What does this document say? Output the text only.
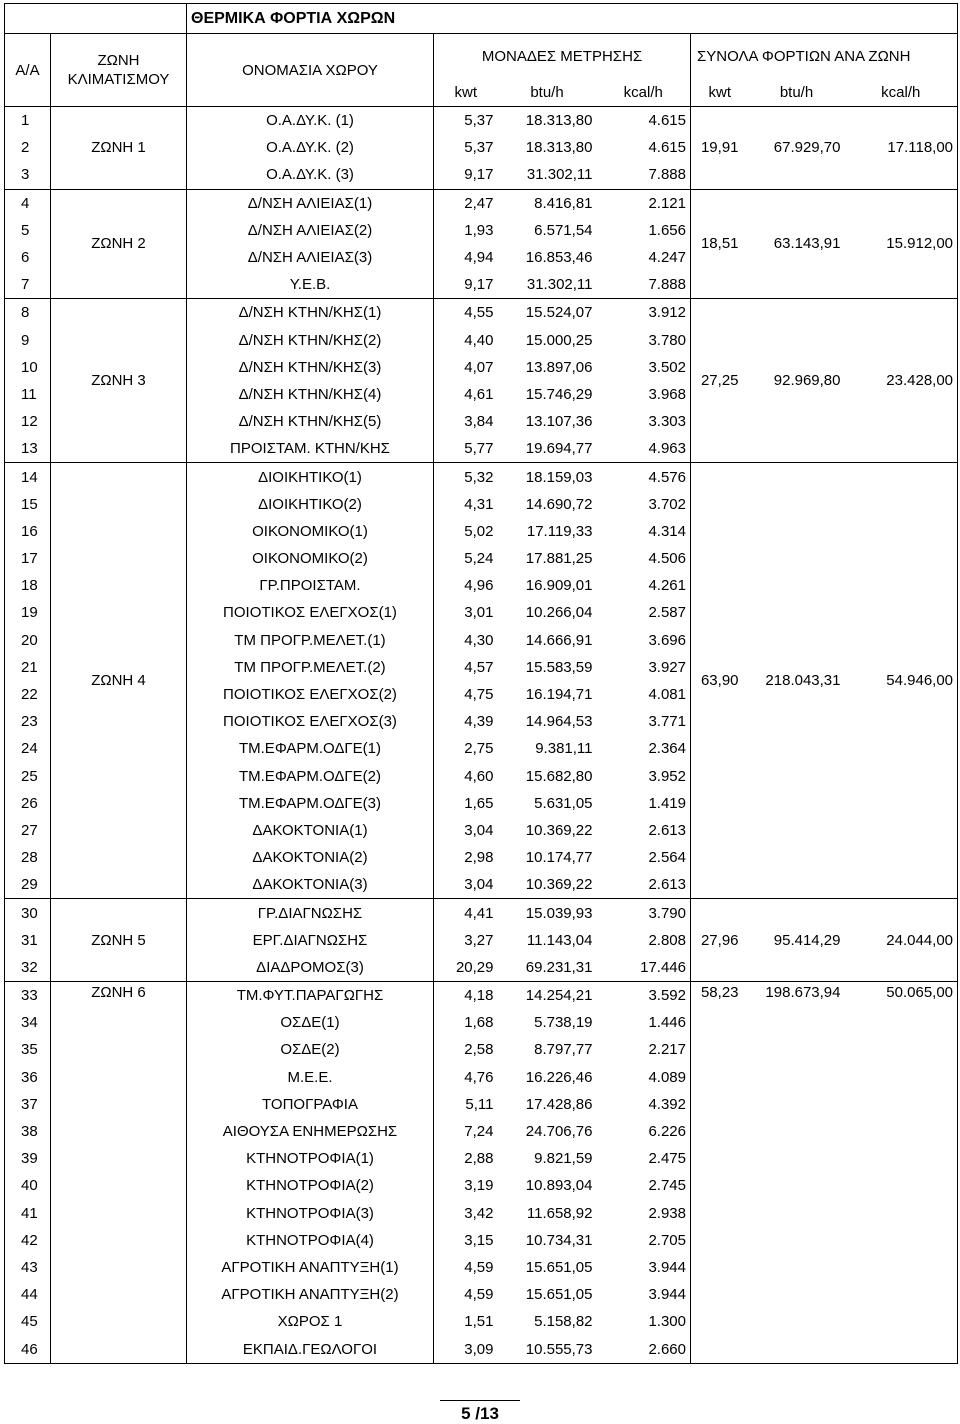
		ΘΕΡΜΙΚΑ ΦΟΡΤΙΑ ΧΩΡΩΝ						
Α/Α	ΖΩΝΗ ΚΛΙΜΑΤΙΣΜΟΥ	ΟΝΟΜΑΣΙΑ ΧΩΡΟΥ	ΜΟΝΑΔΕΣ ΜΕΤΡΗΣΗΣ			ΣΥΝΟΛΑ ΦΟΡΤΙΩΝ ΑΝΑ ΖΩΝΗ		
			kwt	btu/h	kcal/h	kwt	btu/h	kcal/h
1	ΖΩΝΗ 1	Ο.Α.ΔΥ.Κ. (1)	5,37	18.313,80	4.615	19,91	67.929,70	17.118,00
2		Ο.Α.ΔΥ.Κ. (2)	5,37	18.313,80	4.615			
3		Ο.Α.ΔΥ.Κ. (3)	9,17	31.302,11	7.888			
4	ΖΩΝΗ 2	Δ/ΝΣΗ ΑΛΙΕΙΑΣ(1)	2,47	8.416,81	2.121	18,51	63.143,91	15.912,00
5		Δ/ΝΣΗ ΑΛΙΕΙΑΣ(2)	1,93	6.571,54	1.656			
6		Δ/ΝΣΗ ΑΛΙΕΙΑΣ(3)	4,94	16.853,46	4.247			
7		Υ.Ε.Β.	9,17	31.302,11	7.888			
8	ΖΩΝΗ 3	Δ/ΝΣΗ ΚΤΗΝ/ΚΗΣ(1)	4,55	15.524,07	3.912	27,25	92.969,80	23.428,00
9		Δ/ΝΣΗ ΚΤΗΝ/ΚΗΣ(2)	4,40	15.000,25	3.780			
10		Δ/ΝΣΗ ΚΤΗΝ/ΚΗΣ(3)	4,07	13.897,06	3.502			
11		Δ/ΝΣΗ ΚΤΗΝ/ΚΗΣ(4)	4,61	15.746,29	3.968			
12		Δ/ΝΣΗ ΚΤΗΝ/ΚΗΣ(5)	3,84	13.107,36	3.303			
13		ΠΡΟΙΣΤΑΜ. ΚΤΗΝ/ΚΗΣ	5,77	19.694,77	4.963			
14	ΖΩΝΗ 4	ΔΙΟΙΚΗΤΙΚΟ(1)	5,32	18.159,03	4.576	63,90	218.043,31	54.946,00
15		ΔΙΟΙΚΗΤΙΚΟ(2)	4,31	14.690,72	3.702			
16		ΟΙΚΟΝΟΜΙΚΟ(1)	5,02	17.119,33	4.314			
17		ΟΙΚΟΝΟΜΙΚΟ(2)	5,24	17.881,25	4.506			
18		ΓΡ.ΠΡΟΙΣΤΑΜ.	4,96	16.909,01	4.261			
19		ΠΟΙΟΤΙΚΟΣ ΕΛΕΓΧΟΣ(1)	3,01	10.266,04	2.587			
20		ΤΜ ΠΡΟΓΡ.ΜΕΛΕΤ.(1)	4,30	14.666,91	3.696			
21		ΤΜ ΠΡΟΓΡ.ΜΕΛΕΤ.(2)	4,57	15.583,59	3.927			
22		ΠΟΙΟΤΙΚΟΣ ΕΛΕΓΧΟΣ(2)	4,75	16.194,71	4.081			
23		ΠΟΙΟΤΙΚΟΣ ΕΛΕΓΧΟΣ(3)	4,39	14.964,53	3.771			
24		ΤΜ.ΕΦΑΡΜ.ΟΔΓΕ(1)	2,75	9.381,11	2.364			
25		ΤΜ.ΕΦΑΡΜ.ΟΔΓΕ(2)	4,60	15.682,80	3.952			
26		ΤΜ.ΕΦΑΡΜ.ΟΔΓΕ(3)	1,65	5.631,05	1.419			
27		ΔΑΚΟΚΤΟΝΙΑ(1)	3,04	10.369,22	2.613			
28		ΔΑΚΟΚΤΟΝΙΑ(2)	2,98	10.174,77	2.564			
29		ΔΑΚΟΚΤΟΝΙΑ(3)	3,04	10.369,22	2.613			
30	ΖΩΝΗ 5	ΓΡ.ΔΙΑΓΝΩΣΗΣ	4,41	15.039,93	3.790	27,96	95.414,29	24.044,00
31		ΕΡΓ.ΔΙΑΓΝΩΣΗΣ	3,27	11.143,04	2.808			
32		ΔΙΑΔΡΟΜΟΣ(3)	20,29	69.231,31	17.446			
33	ΖΩΝΗ 6	ΤΜ.ΦΥΤ.ΠΑΡΑΓΩΓΗΣ	4,18	14.254,21	3.592	58,23	198.673,94	50.065,00
34		ΟΣΔΕ(1)	1,68	5.738,19	1.446			
35		ΟΣΔΕ(2)	2,58	8.797,77	2.217			
36		Μ.Ε.Ε.	4,76	16.226,46	4.089			
37		ΤΟΠΟΓΡΑΦΙΑ	5,11	17.428,86	4.392			
38		ΑΙΘΟΥΣΑ ΕΝΗΜΕΡΩΣΗΣ	7,24	24.706,76	6.226			
39		ΚΤΗΝΟΤΡΟΦΙΑ(1)	2,88	9.821,59	2.475			
40		ΚΤΗΝΟΤΡΟΦΙΑ(2)	3,19	10.893,04	2.745			
41		ΚΤΗΝΟΤΡΟΦΙΑ(3)	3,42	11.658,92	2.938			
42		ΚΤΗΝΟΤΡΟΦΙΑ(4)	3,15	10.734,31	2.705			
43		ΑΓΡΟΤΙΚΗ ΑΝΑΠΤΥΞΗ(1)	4,59	15.651,05	3.944			
44		ΑΓΡΟΤΙΚΗ ΑΝΑΠΤΥΞΗ(2)	4,59	15.651,05	3.944			
45		ΧΩΡΟΣ 1	1,51	5.158,82	1.300			
46		ΕΚΠΑΙΔ.ΓΕΩΛΟΓΟΙ	3,09	10.555,73	2.660			
5 /13
